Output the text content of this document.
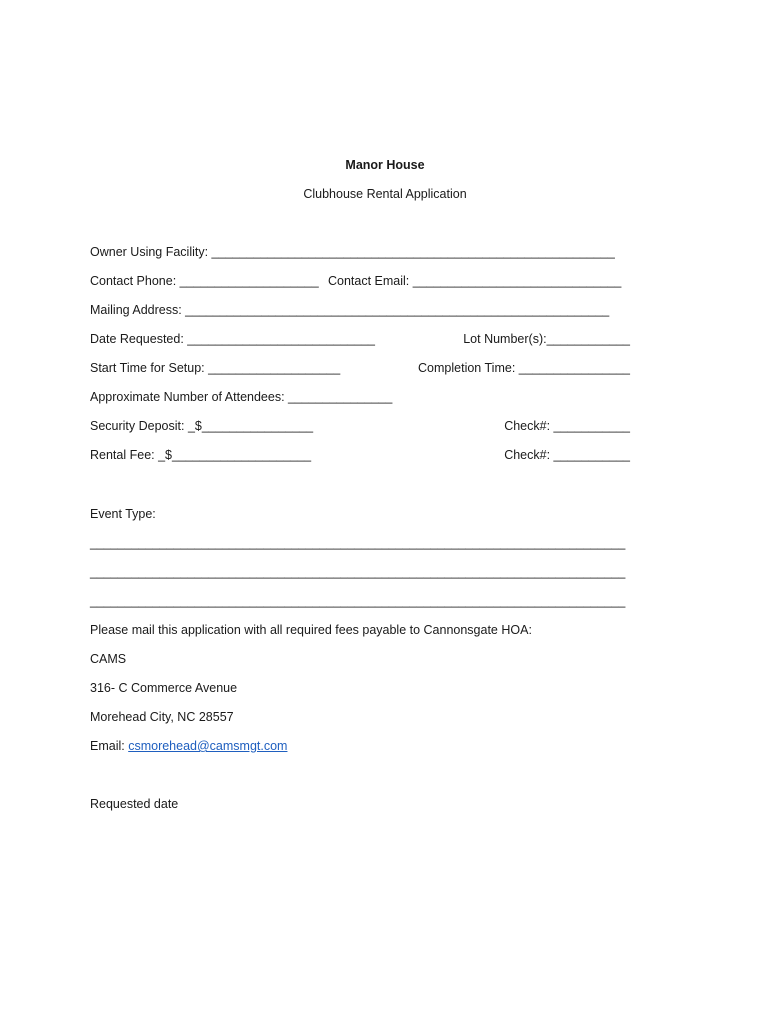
Manor House
Clubhouse Rental Application
Owner Using Facility: __________________________________________________________
Contact Phone: ____________________ Contact Email: ______________________________
Mailing Address: _____________________________________________________________
Date Requested: ___________________________	Lot Number(s):____________
Start Time for Setup: ___________________	Completion Time: ________________
Approximate Number of Attendees: _______________
Security Deposit: _$________________	Check#: ___________
Rental Fee: _$____________________	Check#: ___________
Event Type:
_____________________________________________________________________________
_____________________________________________________________________________
_____________________________________________________________________________
Please mail this application with all required fees payable to Cannonsgate HOA:
CAMS
316- C Commerce Avenue
Morehead City, NC 28557
Email: csmorehead@camsmgt.com
Requested date
